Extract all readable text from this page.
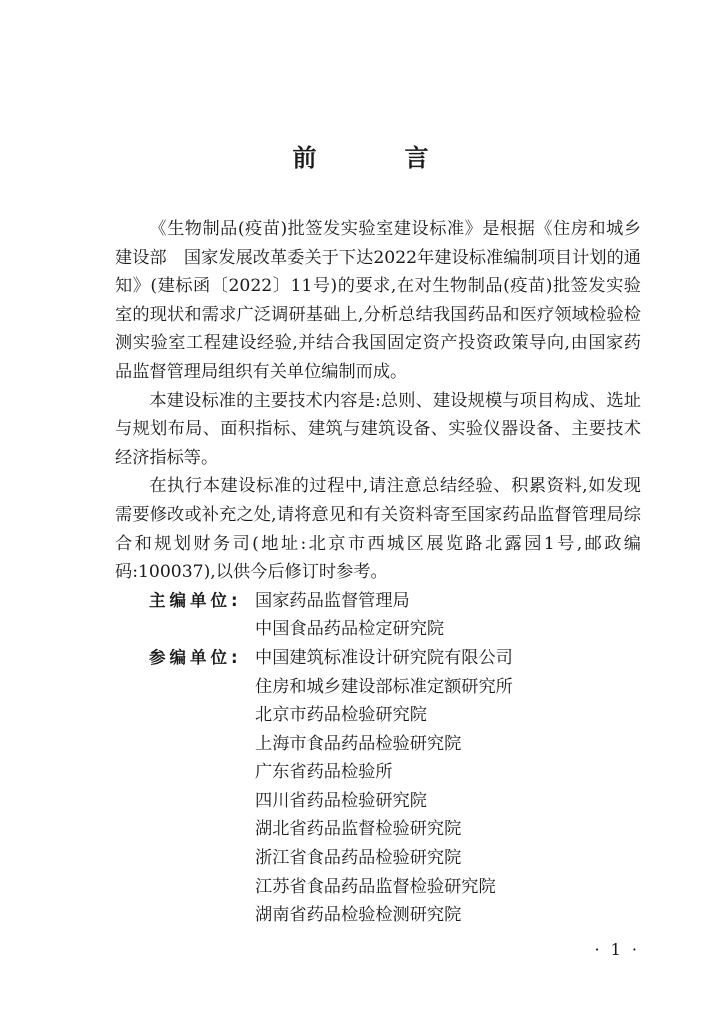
前　言

《生物制品(疫苗)批签发实验室建设标准》是根据《住房和城乡建设部　国家发展改革委关于下达2022年建设标准编制项目计划的通知》(建标函〔2022〕11号)的要求,在对生物制品(疫苗)批签发实验室的现状和需求广泛调研基础上,分析总结我国药品和医疗领域检验检测实验室工程建设经验,并结合我国固定资产投资政策导向,由国家药品监督管理局组织有关单位编制而成。

本建设标准的主要技术内容是:总则、建设规模与项目构成、选址与规划布局、面积指标、建筑与建筑设备、实验仪器设备、主要技术经济指标等。

在执行本建设标准的过程中,请注意总结经验、积累资料,如发现需要修改或补充之处,请将意见和有关资料寄至国家药品监督管理局综合和规划财务司(地址:北京市西城区展览路北露园1号,邮政编码:100037),以供今后修订时参考。

主编单位: 国家药品监督管理局
中国食品药品检定研究院
参编单位: 中国建筑标准设计研究院有限公司
住房和城乡建设部标准定额研究所
北京市药品检验研究院
上海市食品药品检验研究院
广东省药品检验所
四川省药品检验研究院
湖北省药品监督检验研究院
浙江省食品药品检验研究院
江苏省食品药品监督检验研究院
湖南省药品检验检测研究院
· 1 ·
